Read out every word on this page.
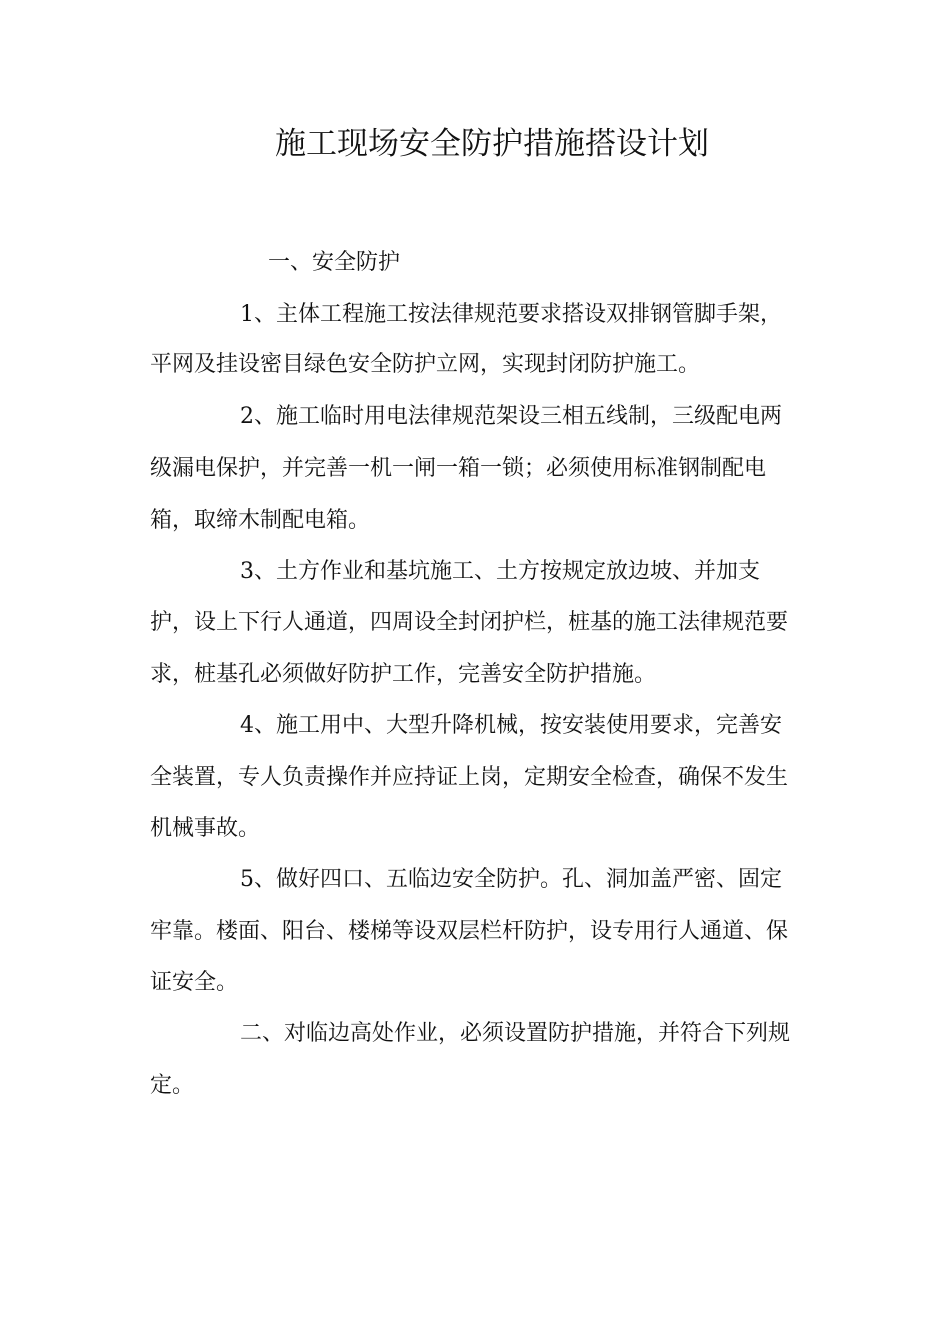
施工现场安全防护措施搭设计划
一、安全防护
1、主体工程施工按法律规范要求搭设双排钢管脚手架，
平网及挂设密目绿色安全防护立网，实现封闭防护施工。
2、施工临时用电法律规范架设三相五线制，三级配电两
级漏电保护，并完善一机一闸一箱一锁；必须使用标准钢制配电
箱，取缔木制配电箱。
3、土方作业和基坑施工、土方按规定放边坡、并加支
护，设上下行人通道，四周设全封闭护栏，桩基的施工法律规范要
求，桩基孔必须做好防护工作，完善安全防护措施。
4、施工用中、大型升降机械，按安装使用要求，完善安
全装置，专人负责操作并应持证上岗，定期安全检查，确保不发生
机械事故。
5、做好四口、五临边安全防护。孔、洞加盖严密、固定
牢靠。楼面、阳台、楼梯等设双层栏杆防护，设专用行人通道、保
证安全。
二、对临边高处作业，必须设置防护措施，并符合下列规
定。
